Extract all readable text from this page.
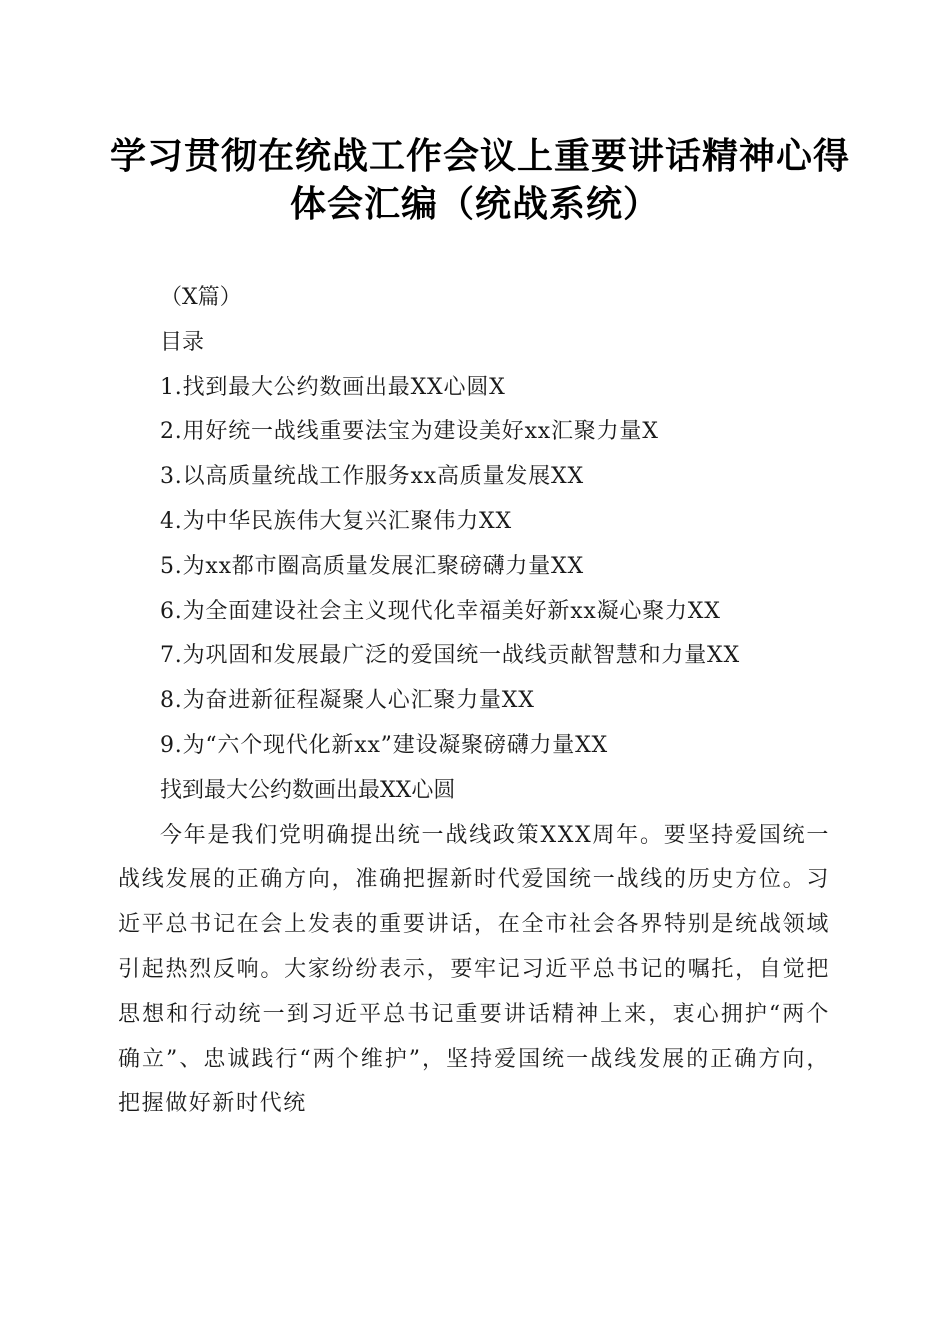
学习贯彻在统战工作会议上重要讲话精神心得
体会汇编（统战系统）

（X篇）

目录

1.找到最大公约数画出最XX心圆X

2.用好统一战线重要法宝为建设美好xx汇聚力量X

3.以高质量统战工作服务xx高质量发展XX

4.为中华民族伟大复兴汇聚伟力XX

5.为xx都市圈高质量发展汇聚磅礴力量XX

6.为全面建设社会主义现代化幸福美好新xx凝心聚力XX

7.为巩固和发展最广泛的爱国统一战线贡献智慧和力量XX

8.为奋进新征程凝聚人心汇聚力量XX

9.为“六个现代化新xx”建设凝聚磅礴力量XX

找到最大公约数画出最XX心圆

今年是我们党明确提出统一战线政策XXX周年。要坚持爱国统一战线发展的正确方向，准确把握新时代爱国统一战线的历史方位。习近平总书记在会上发表的重要讲话，在全市社会各界特别是统战领域引起热烈反响。大家纷纷表示，要牢记习近平总书记的嘱托，自觉把思想和行动统一到习近平总书记重要讲话精神上来，衷心拥护“两个确立”、忠诚践行“两个维护”，坚持爱国统一战线发展的正确方向，把握做好新时代统
